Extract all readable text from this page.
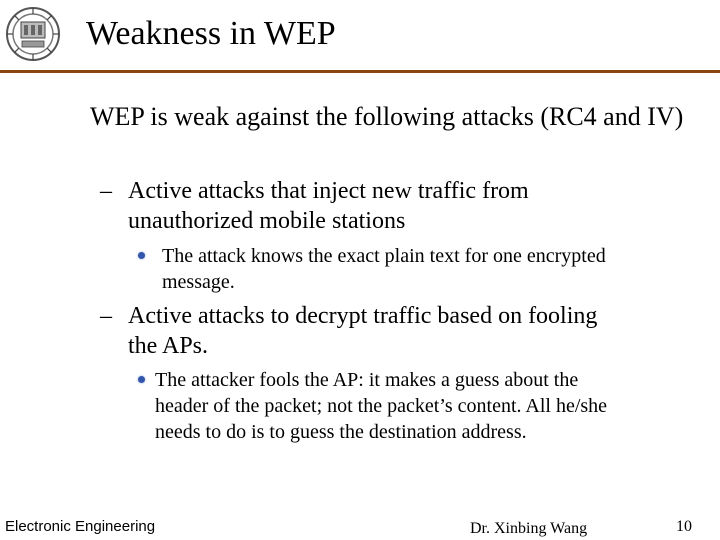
Weakness in WEP
WEP is weak against the following attacks (RC4 and IV)
– Active attacks that inject new traffic from unauthorized mobile stations
The attack knows the exact plain text for one encrypted message.
– Active attacks to decrypt traffic based on fooling the APs.
The attacker fools the AP: it makes a guess about the header of the packet; not the packet’s content. All he/she needs to do is to guess the destination address.
Electronic Engineering	Dr. Xinbing Wang	10
